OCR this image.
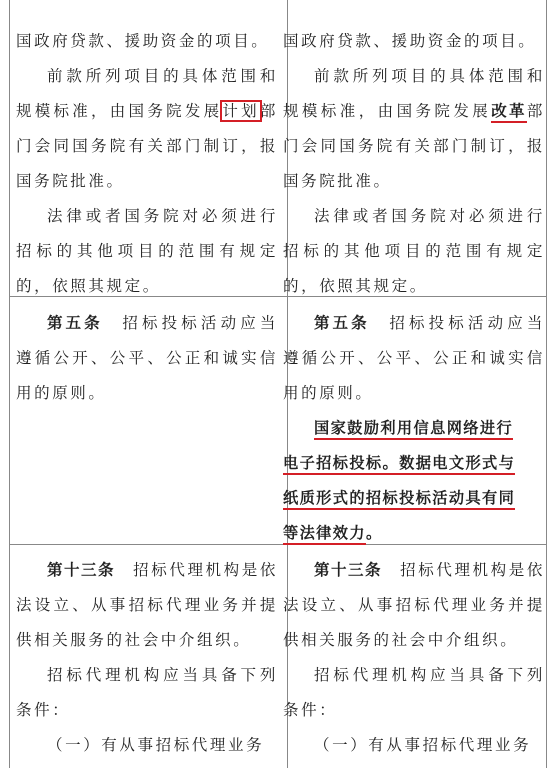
国政府贷款、援助资金的项目。

前款所列项目的具体范围和规模标准，由国务院发展计划部门会同国务院有关部门制订，报国务院批准。

法律或者国务院对必须进行招标的其他项目的范围有规定的，依照其规定。

国政府贷款、援助资金的项目。

前款所列项目的具体范围和规模标准，由国务院发展改革部门会同国务院有关部门制订，报国务院批准。

法律或者国务院对必须进行招标的其他项目的范围有规定的，依照其规定。

第五条　 招标投标活动应当遵循公开、公平、公正和诚实信用的原则。

第五条　 招标投标活动应当遵循公开、公平、公正和诚实信用的原则。

国家鼓励利用信息网络进行
电子招标投标。数据电文形式与
纸质形式的招标投标活动具有同
等法律效力。

第十三条　 招标代理机构是依法设立、从事招标代理业务并提供相关服务的社会中介组织。

招标代理机构应当具备下列条件：

（一）有从事招标代理业务

第十三条　 招标代理机构是依法设立、从事招标代理业务并提供相关服务的社会中介组织。

招标代理机构应当具备下列条件：

（一）有从事招标代理业务
